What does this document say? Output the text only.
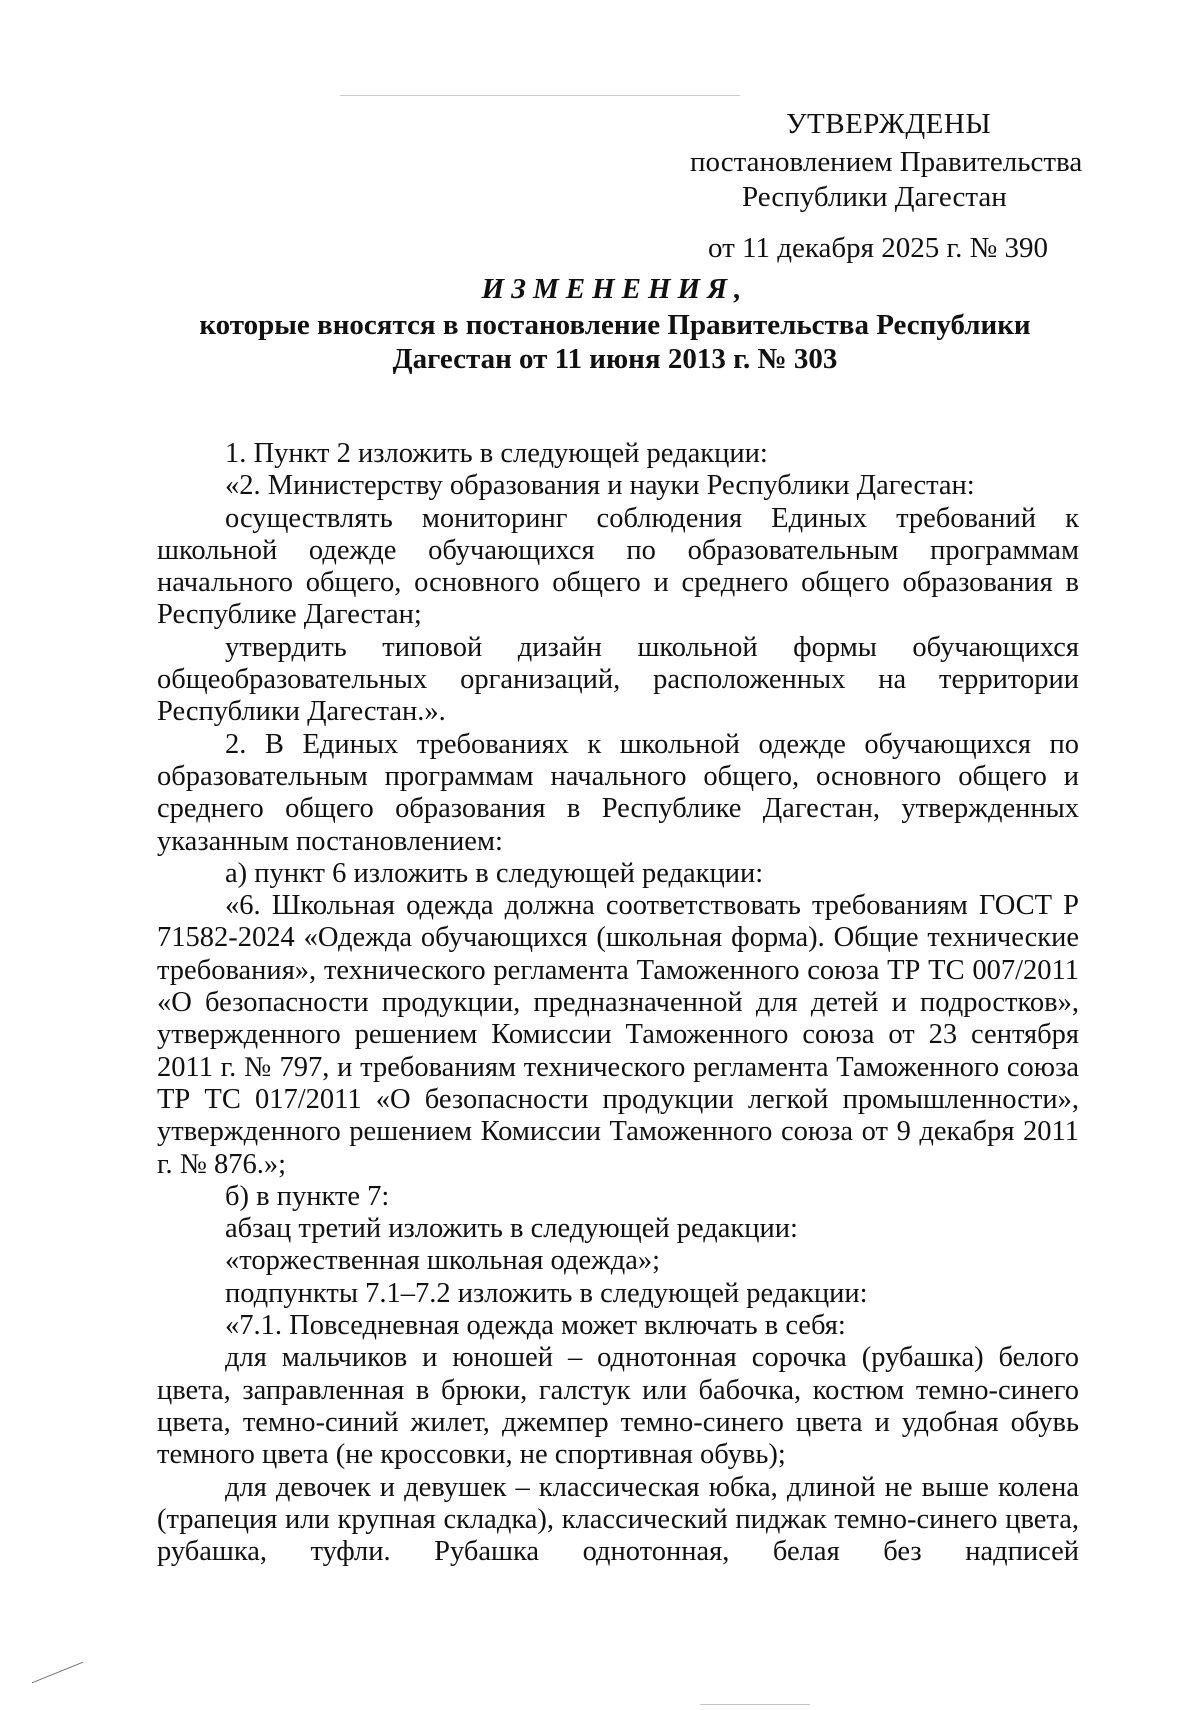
УТВЕРЖДЕНЫ
постановлением Правительства
Республики Дагестан
от 11 декабря 2025 г. № 390
ИЗМЕНЕНИЯ,
которые вносятся в постановление Правительства Республики
Дагестан от 11 июня 2013 г. № 303

1. Пункт 2 изложить в следующей редакции:

«2. Министерству образования и науки Республики Дагестан:

осуществлять мониторинг соблюдения Единых требований к школьной одежде обучающихся по образовательным программам начального общего, основного общего и среднего общего образования в Республике Дагестан;

утвердить типовой дизайн школьной формы обучающихся общеобразовательных организаций, расположенных на территории Республики Дагестан.».

2. В Единых требованиях к школьной одежде обучающихся по образовательным программам начального общего, основного общего и среднего общего образования в Республике Дагестан, утвержденных указанным постановлением:

а) пункт 6 изложить в следующей редакции:

«6. Школьная одежда должна соответствовать требованиям ГОСТ Р 71582-2024 «Одежда обучающихся (школьная форма). Общие технические требования», технического регламента Таможенного союза ТР ТС 007/2011 «О безопасности продукции, предназначенной для детей и подростков», утвержденного решением Комиссии Таможенного союза от 23 сентября 2011 г. № 797, и требованиям технического регламента Таможенного союза ТР ТС 017/2011 «О безопасности продукции легкой промышленности», утвержденного решением Комиссии Таможенного союза от 9 декабря 2011 г. № 876.»;

б) в пункте 7:

абзац третий изложить в следующей редакции:

«торжественная школьная одежда»;

подпункты 7.1–7.2 изложить в следующей редакции:

«7.1. Повседневная одежда может включать в себя:

для мальчиков и юношей – однотонная сорочка (рубашка) белого цвета, заправленная в брюки, галстук или бабочка, костюм темно-синего цвета, темно-синий жилет, джемпер темно-синего цвета и удобная обувь темного цвета (не кроссовки, не спортивная обувь);

для девочек и девушек – классическая юбка, длиной не выше колена (трапеция или крупная складка), классический пиджак темно-синего цвета, рубашка, туфли. Рубашка однотонная, белая без надписей
